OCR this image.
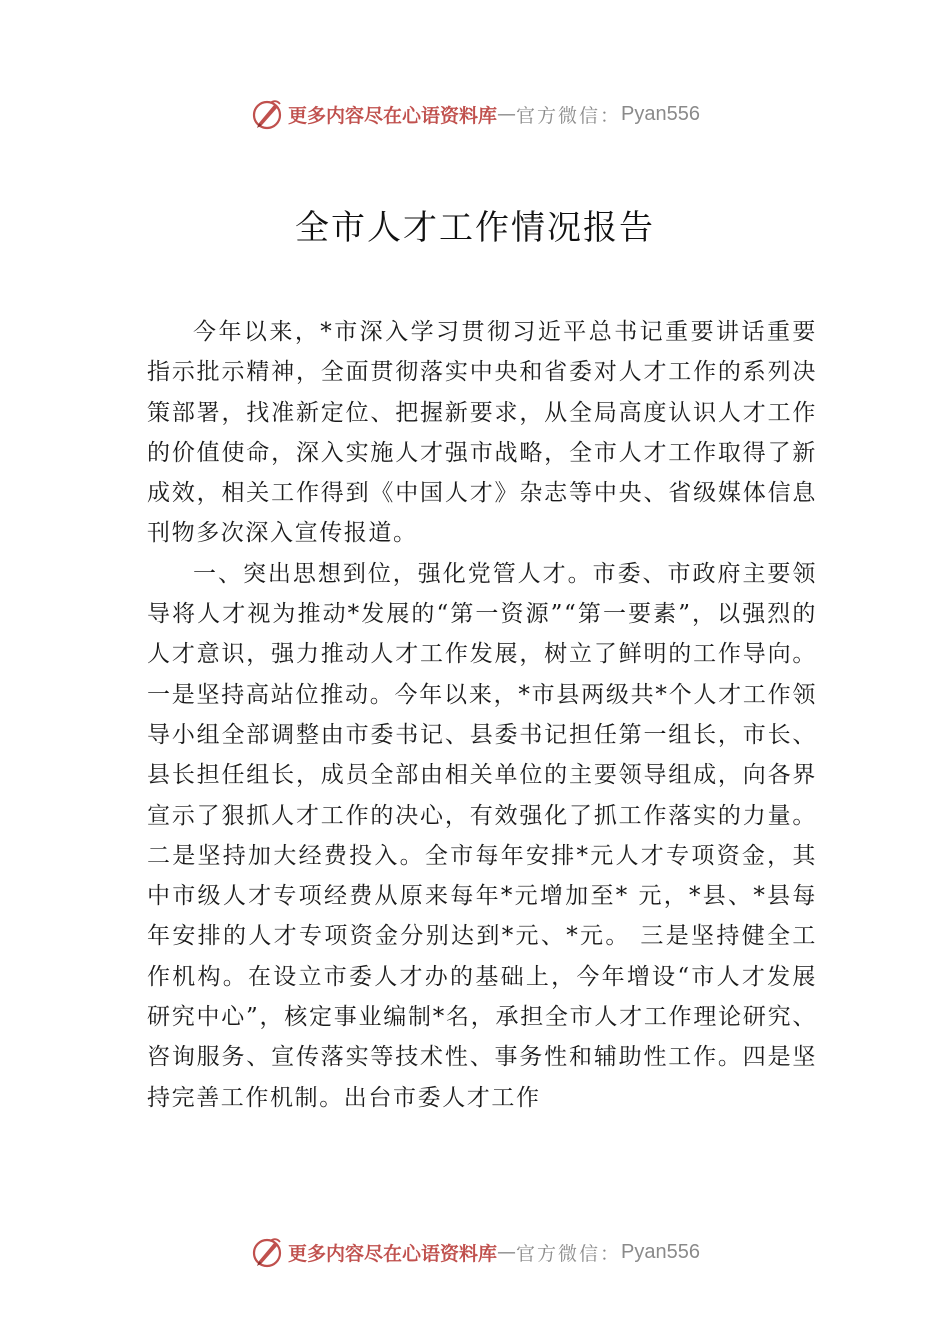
更多内容尽在心语资料库 — 官方微信： Pyan556
全市人才工作情况报告

今年以来，*市深入学习贯彻习近平总书记重要讲话重要指示批示精神，全面贯彻落实中央和省委对人才工作的系列决策部署，找准新定位、把握新要求，从全局高度认识人才工作的价值使命，深入实施人才强市战略，全市人才工作取得了新成效，相关工作得到《中国人才》杂志等中央、省级媒体信息刊物多次深入宣传报道。

一、突出思想到位，强化党管人才。市委、市政府主要领导将人才视为推动*发展的“第一资源”“第一要素”，以强烈的人才意识，强力推动人才工作发展，树立了鲜明的工作导向。一是坚持高站位推动。今年以来，*市县两级共*个人才工作领导小组全部调整由市委书记、县委书记担任第一组长，市长、县长担任组长，成员全部由相关单位的主要领导组成，向各界宣示了狠抓人才工作的决心，有效强化了抓工作落实的力量。二是坚持加大经费投入。全市每年安排*元人才专项资金，其中市级人才专项经费从原来每年*元增加至* 元，*县、*县每年安排的人才专项资金分别达到*元、*元。 三是坚持健全工作机构。在设立市委人才办的基础上，今年增设“市人才发展研究中心”，核定事业编制*名，承担全市人才工作理论研究、咨询服务、宣传落实等技术性、事务性和辅助性工作。四是坚持完善工作机制。出台市委人才工作

更多内容尽在心语资料库 — 官方微信： Pyan556
